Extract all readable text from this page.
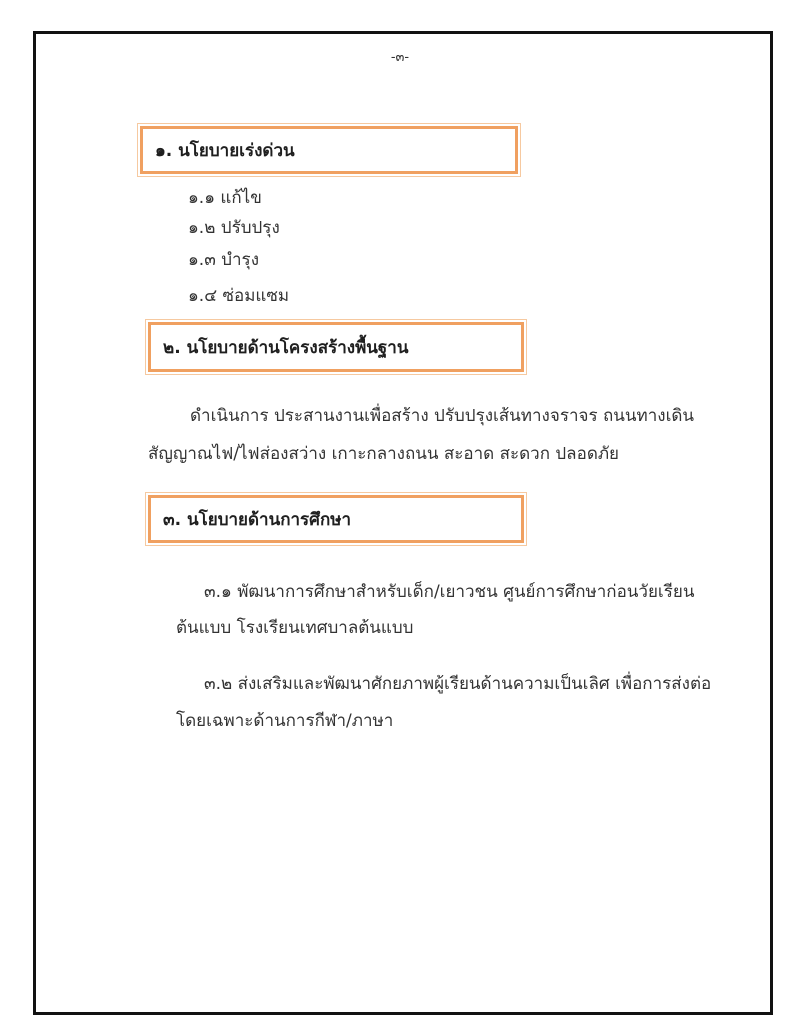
-๓-
๑. นโยบายเร่งด่วน
๑.๑ แก้ไข
๑.๒ ปรับปรุง
๑.๓ บำรุง
๑.๔ ซ่อมแซม
๒. นโยบายด้านโครงสร้างพื้นฐาน
ดำเนินการ ประสานงานเพื่อสร้าง ปรับปรุงเส้นทางจราจร ถนนทางเดิน
สัญญาณไฟ/ไฟส่องสว่าง เกาะกลางถนน สะอาด สะดวก ปลอดภัย
๓. นโยบายด้านการศึกษา
๓.๑ พัฒนาการศึกษาสำหรับเด็ก/เยาวชน ศูนย์การศึกษาก่อนวัยเรียน
ต้นแบบ โรงเรียนเทศบาลต้นแบบ
๓.๒ ส่งเสริมและพัฒนาศักยภาพผู้เรียนด้านความเป็นเลิศ เพื่อการส่งต่อ
โดยเฉพาะด้านการกีฬา/ภาษา
